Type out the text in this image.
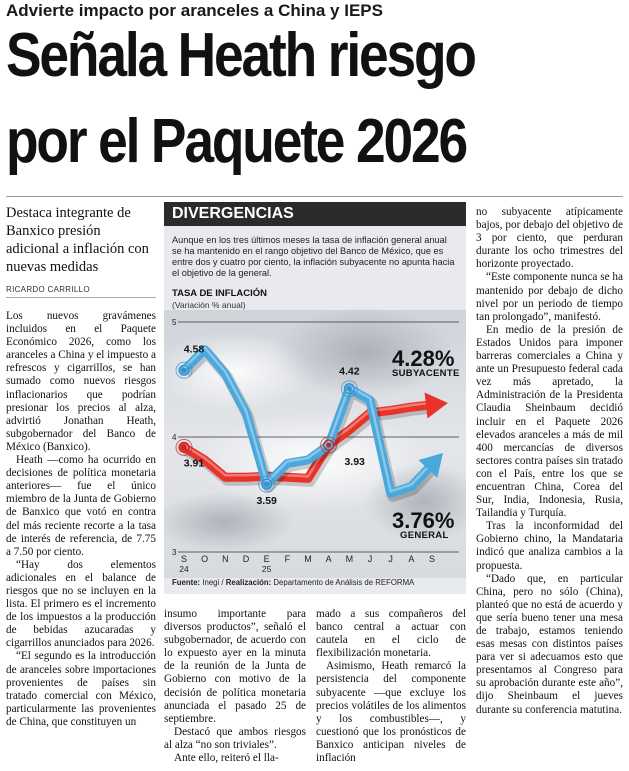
Advierte impacto por aranceles a China y IEPS
Señala Heath riesgo
por el Paquete 2026
Destaca integrante de Banxico presión adicional a inflación con nuevas medidas
RICARDO CARRILLO

Los nuevos gravámenes incluidos en el Paquete Económico 2026, como los aranceles a China y el impuesto a refrescos y cigarrillos, se han sumado como nuevos riesgos inflacionarios que podrían presionar los precios al alza, advirtió Jonathan Heath, subgobernador del Banco de México (Banxico).

Heath —como ha ocurrido en decisiones de política monetaria anteriores— fue el único miembro de la Junta de Gobierno de Banxico que votó en contra del más reciente recorte a la tasa de interés de referencia, de 7.75 a 7.50 por ciento.

“Hay dos elementos adicionales en el balance de riesgos que no se incluyen en la lista. El primero es el incremento de los impuestos a la producción de bebidas azucaradas y cigarrillos anunciados para 2026.

“El segundo es la introducción de aranceles sobre importaciones provenientes de países sin tratado comercial con México, particularmente las provenientes de China, que constituyen un

DIVERGENCIAS
Aunque en los tres últimos meses la tasa de inflación general anual se ha mantenido en el rango objetivo del Banco de México, que es entre dos y cuatro por ciento, la inflación subyacente no apunta hacia el objetivo de la general.
TASA DE INFLACIÓN
(Variación % anual)
3
4
5
S O N D E F M A M J J A S
24	25
4.58
3.59
4.42
3.91	3.93
4.28%
SUBYACENTE
3.76%
GENERAL
Fuente: Inegi / Realización: Departamento de Análisis de REFORMA

insumo importante para diversos productos”, señaló el subgobernador, de acuerdo con lo expuesto ayer en la minuta de la reunión de la Junta de Gobierno con motivo de la decisión de política monetaria anunciada el pasado 25 de septiembre.

Destacó que ambos riesgos al alza “no son triviales”.

Ante ello, reiteró el lla-

mado a sus compañeros del banco central a actuar con cautela en el ciclo de flexibilización monetaria.

Asimismo, Heath remarcó la persistencia del componente subyacente —que excluye los precios volátiles de los alimentos y los combustibles—, y cuestionó que los pronósticos de Banxico anticipan niveles de inflación

no subyacente atípicamente bajos, por debajo del objetivo de 3 por ciento, que perduran durante los ocho trimestres del horizonte proyectado.

“Este componente nunca se ha mantenido por debajo de dicho nivel por un periodo de tiempo tan prolongado”, manifestó.

En medio de la presión de Estados Unidos para imponer barreras comerciales a China y ante un Presupuesto federal cada vez más apretado, la Administración de la Presidenta Claudia Sheinbaum decidió incluir en el Paquete 2026 elevados aranceles a más de mil 400 mercancías de diversos sectores contra países sin tratado con el País, entre los que se encuentran China, Corea del Sur, India, Indonesia, Rusia, Tailandia y Turquía.

Tras la inconformidad del Gobierno chino, la Mandataria indicó que analiza cambios a la propuesta.

“Dado que, en particular China, pero no sólo (China), planteó que no está de acuerdo y que sería bueno tener una mesa de trabajo, estamos teniendo esas mesas con distintos países para ver si adecuamos esto que presentamos al Congreso para su aprobación durante este año”, dijo Sheinbaum el jueves durante su conferencia matutina.
